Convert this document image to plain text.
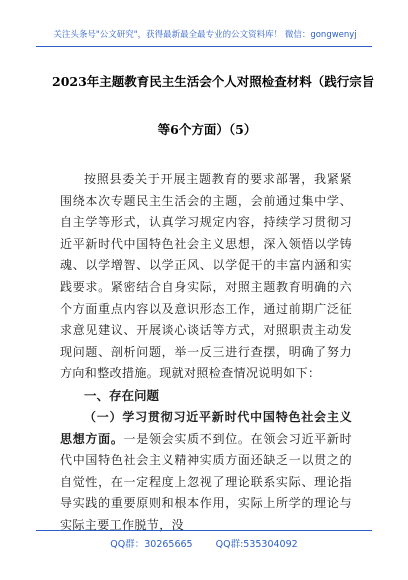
关注头条号"公文研究"，获得最新最全最专业的公文资料库！ 微信：gongwenyj
2023年主题教育民主生活会个人对照检查材料（践行宗旨
等6个方面）（5）
按照县委关于开展主题教育的要求部署，我紧紧围绕本次专题民主生活会的主题，会前通过集中学、自主学等形式，认真学习规定内容，持续学习贯彻习近平新时代中国特色社会主义思想，深入领悟以学铸魂、以学增智、以学正风、以学促干的丰富内涵和实践要求。紧密结合自身实际，对照主题教育明确的六个方面重点内容以及意识形态工作，通过前期广泛征求意见建议、开展谈心谈话等方式，对照职责主动发现问题、剖析问题，举一反三进行查摆，明确了努力方向和整改措施。现就对照检查情况说明如下：
一、存在问题
（一）学习贯彻习近平新时代中国特色社会主义思想方面。一是领会实质不到位。在领会习近平新时代中国特色社会主义精神实质方面还缺乏一以贯之的自觉性，在一定程度上忽视了理论联系实际、理论指导实践的重要原则和根本作用，实际上所学的理论与实际主要工作脱节，没
QQ群：30265665 QQ群:535304092
